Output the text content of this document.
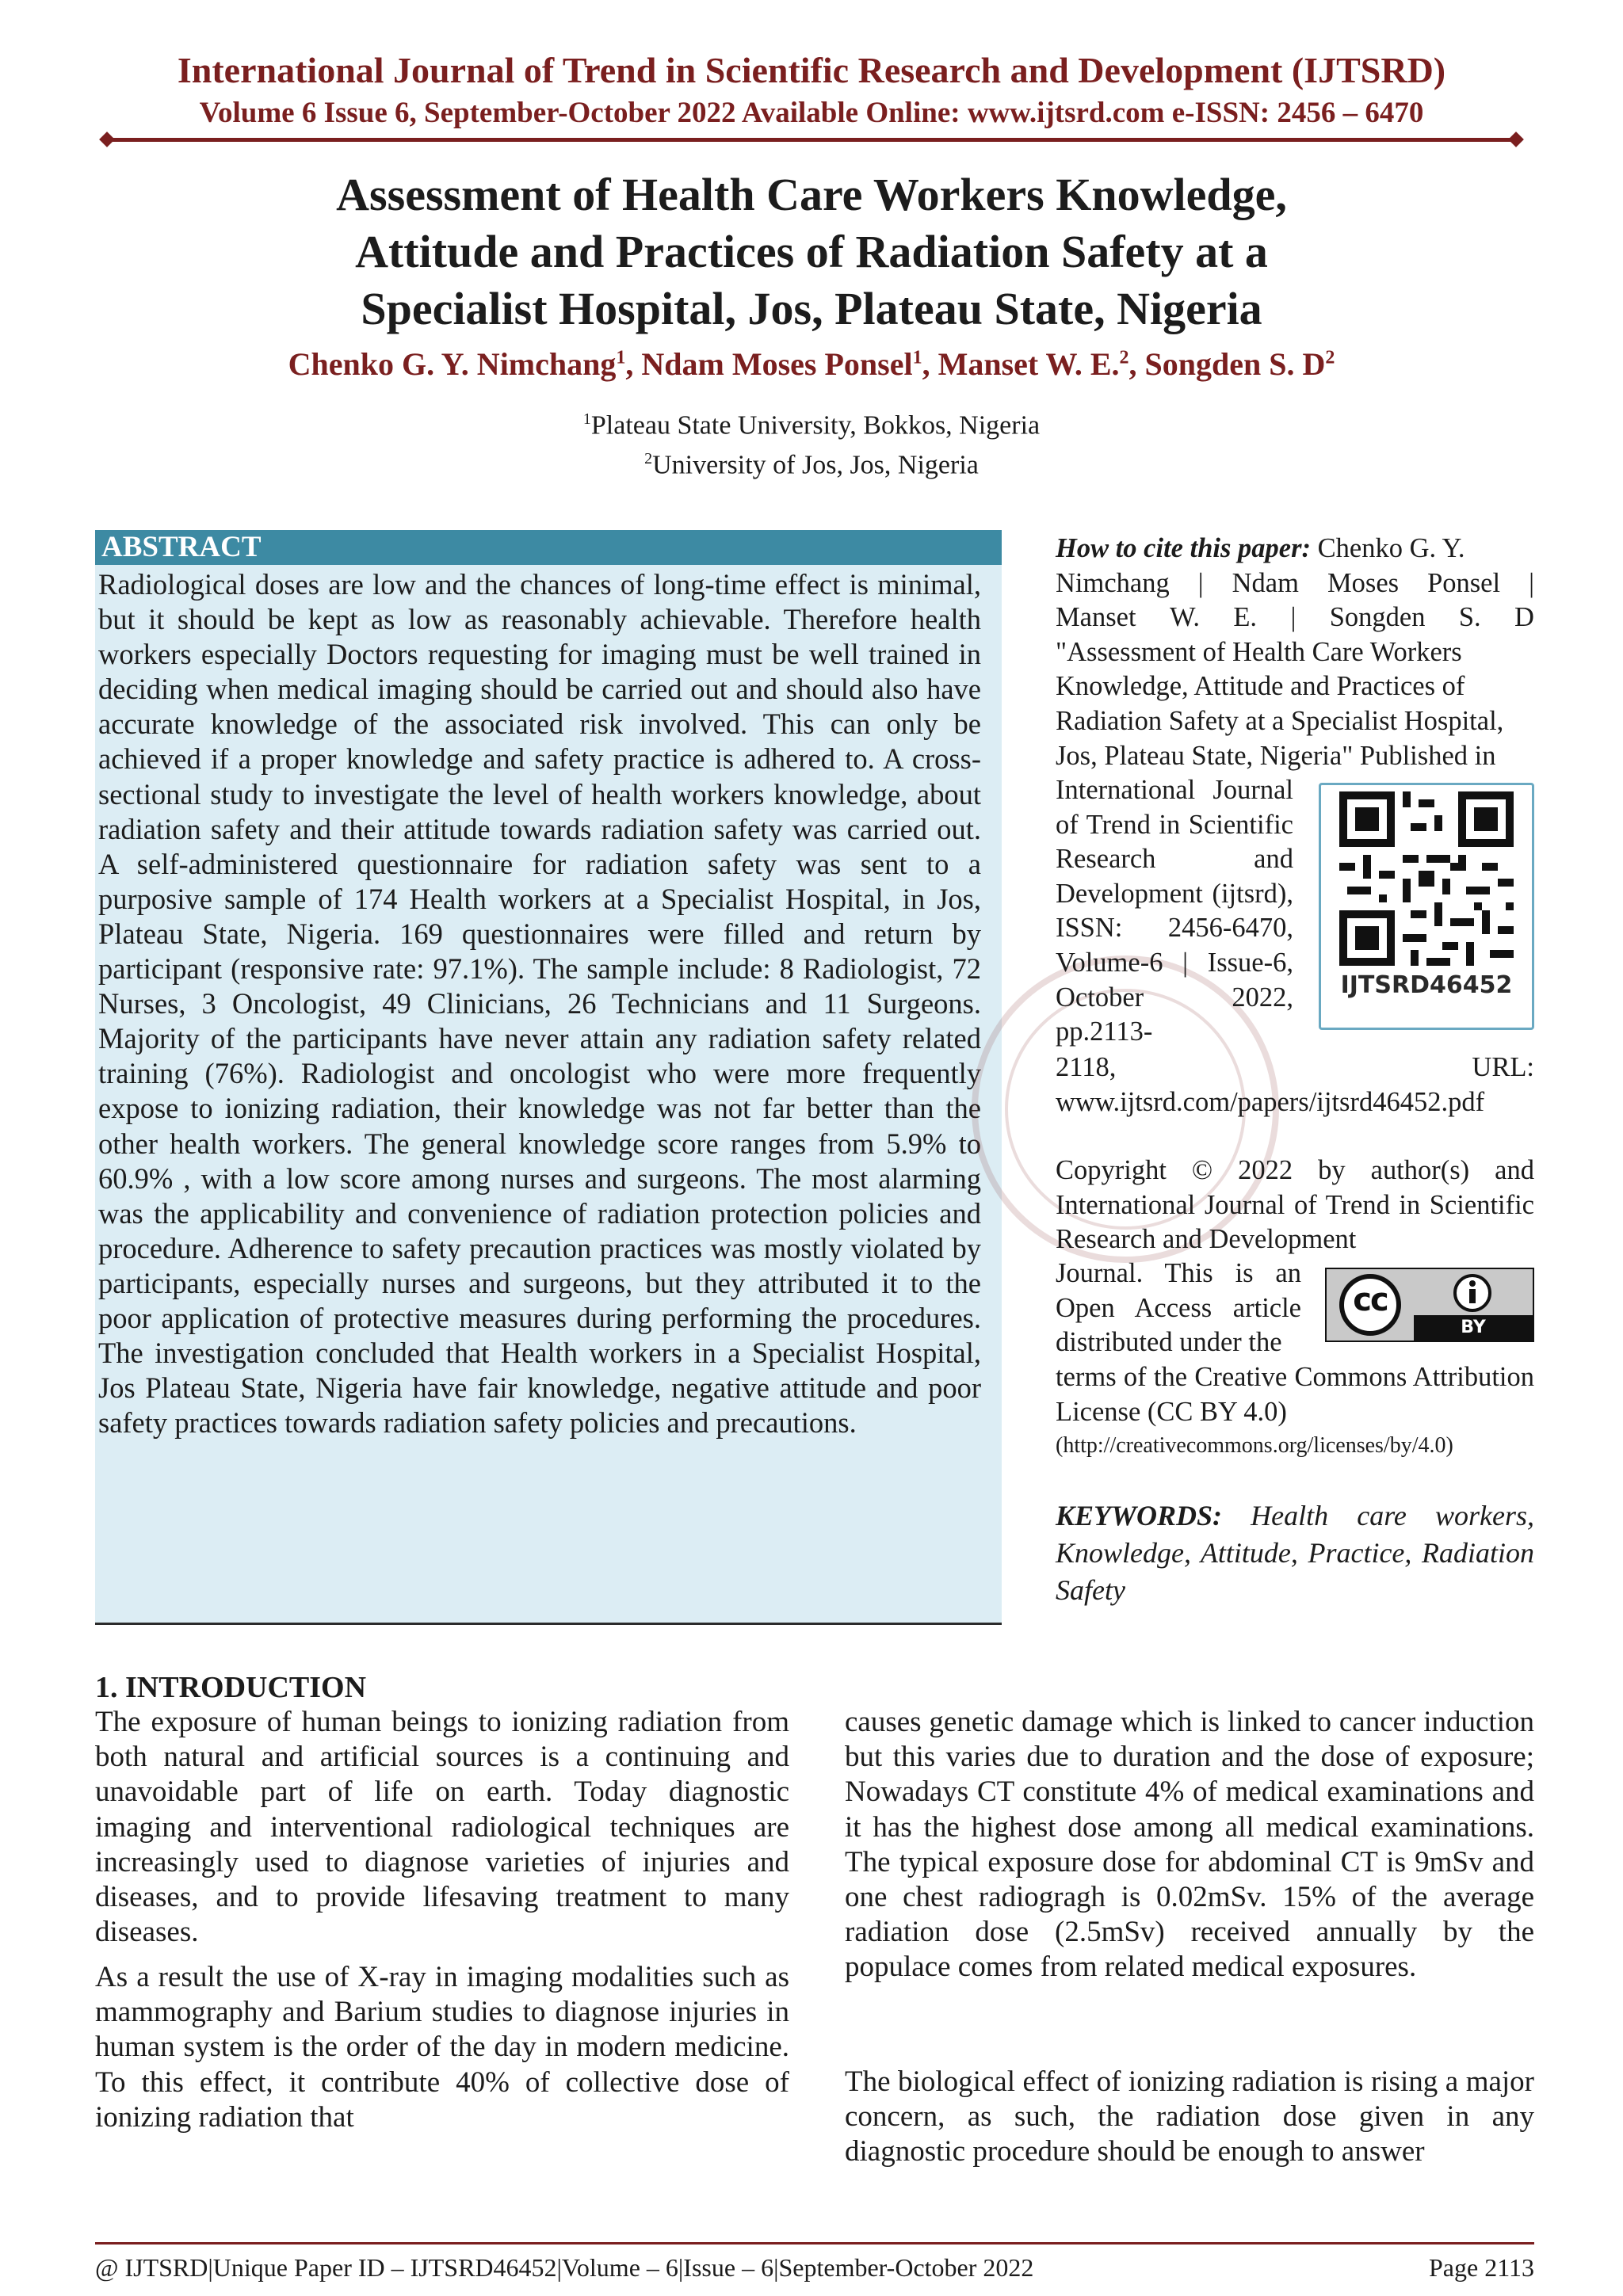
International Journal of Trend in Scientific Research and Development (IJTSRD)
Volume 6 Issue 6, September-October 2022 Available Online: www.ijtsrd.com e-ISSN: 2456 – 6470
Assessment of Health Care Workers Knowledge,
Attitude and Practices of Radiation Safety at a
Specialist Hospital, Jos, Plateau State, Nigeria
Chenko G. Y. Nimchang$^1$, Ndam Moses Ponsel$^1$, Manset W. E.$^2$, Songden S. $D^2$
$^1$Plateau State University, Bokkos, Nigeria
$^2$University of Jos, Jos, Nigeria
ABSTRACT
Radiological doses are low and the chances of long-time effect is minimal, but it should be kept as low as reasonably achievable. Therefore health workers especially Doctors requesting for imaging must be well trained in deciding when medical imaging should be carried out and should also have accurate knowledge of the associated risk involved. This can only be achieved if a proper knowledge and safety practice is adhered to. A cross- sectional study to investigate the level of health workers knowledge, about radiation safety and their attitude towards radiation safety was carried out. A self-administered questionnaire for radiation safety was sent to a purposive sample of 174 Health workers at a Specialist Hospital, in Jos, Plateau State, Nigeria. 169 questionnaires were filled and return by participant (responsive rate: 97.1%). The sample include: 8 Radiologist, 72 Nurses, 3 Oncologist, 49 Clinicians, 26 Technicians and 11 Surgeons. Majority of the participants have never attain any radiation safety related training (76%). Radiologist and oncologist who were more frequently expose to ionizing radiation, their knowledge was not far better than the other health workers. The general knowledge score ranges from 5.9% to 60.9% , with a low score among nurses and surgeons. The most alarming was the applicability and convenience of radiation protection policies and procedure. Adherence to safety precaution practices was mostly violated by participants, especially nurses and surgeons, but they attributed it to the poor application of protective measures during performing the procedures. The investigation concluded that Health workers in a Specialist Hospital, Jos Plateau State, Nigeria have fair knowledge, negative attitude and poor safety practices towards radiation safety policies and precautions.
How to cite this paper: Chenko G. Y.
Nimchang | Ndam Moses Ponsel |
Manset W. E. | Songden S. D
"Assessment of Health Care Workers
Knowledge, Attitude and Practices of
Radiation Safety at a Specialist Hospital,
Jos, Plateau State, Nigeria" Published in
International Journal of Trend in Scientific Research and Development (ijtsrd), ISSN: 2456-6470, Volume-6 | Issue-6, October 2022, pp.2113-
IJTSRD46452
2118,	URL:
www.ijtsrd.com/papers/ijtsrd46452.pdf
Copyright © 2022 by author(s) and International Journal of Trend in Scientific Research and Development
Journal. This is an Open Access article distributed under the
cc
BY
terms of the Creative Commons Attribution License (CC BY 4.0)
(http://creativecommons.org/licenses/by/4.0)
KEYWORDS: Health care workers, Knowledge, Attitude, Practice, Radiation Safety
1. INTRODUCTION
The exposure of human beings to ionizing radiation from both natural and artificial sources is a continuing and unavoidable part of life on earth. Today diagnostic imaging and interventional radiological techniques are increasingly used to diagnose varieties of injuries and diseases, and to provide lifesaving treatment to many diseases.
As a result the use of X-ray in imaging modalities such as mammography and Barium studies to diagnose injuries in human system is the order of the day in modern medicine. To this effect, it contribute 40% of collective dose of ionizing radiation that
causes genetic damage which is linked to cancer induction but this varies due to duration and the dose of exposure; Nowadays CT constitute 4% of medical examinations and it has the highest dose among all medical examinations. The typical exposure dose for abdominal CT is 9mSv and one chest radiogragh is 0.02mSv. 15% of the average radiation dose (2.5mSv) received annually by the populace comes from related medical exposures.
The biological effect of ionizing radiation is rising a major concern, as such, the radiation dose given in any diagnostic procedure should be enough to answer
@ IJTSRD | Unique Paper ID – IJTSRD46452 | Volume – 6 | Issue – 6 | September-October 2022	Page 2113
